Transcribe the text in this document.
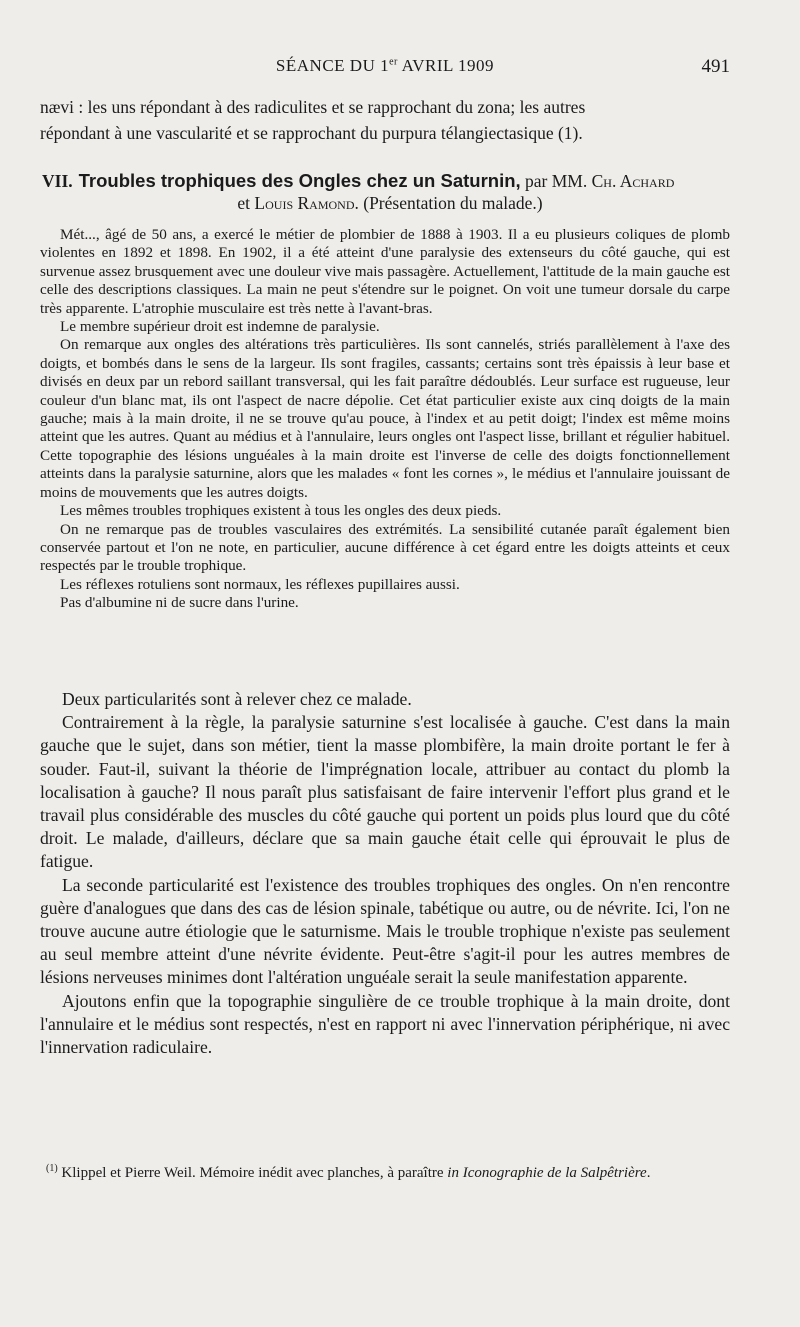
SÉANCE DU 1er AVRIL 1909	491

nævi : les uns répondant à des radiculites et se rapprochant du zona; les autres

répondant à une vascularité et se rapprochant du purpura télangiectasique (1).

VII. Troubles trophiques des Ongles chez un Saturnin, par MM. Ch. Achard
et Louis Ramond. (Présentation du malade.)

Mét..., âgé de 50 ans, a exercé le métier de plombier de 1888 à 1903. Il a eu plusieurs coliques de plomb violentes en 1892 et 1898. En 1902, il a été atteint d'une paralysie des extenseurs du côté gauche, qui est survenue assez brusquement avec une douleur vive mais passagère. Actuellement, l'attitude de la main gauche est celle des descriptions classiques. La main ne peut s'étendre sur le poignet. On voit une tumeur dorsale du carpe très apparente. L'atrophie musculaire est très nette à l'avant-bras.

Le membre supérieur droit est indemne de paralysie.

On remarque aux ongles des altérations très particulières. Ils sont cannelés, striés parallèlement à l'axe des doigts, et bombés dans le sens de la largeur. Ils sont fragiles, cassants; certains sont très épaissis à leur base et divisés en deux par un rebord saillant transversal, qui les fait paraître dédoublés. Leur surface est rugueuse, leur couleur d'un blanc mat, ils ont l'aspect de nacre dépolie. Cet état particulier existe aux cinq doigts de la main gauche; mais à la main droite, il ne se trouve qu'au pouce, à l'index et au petit doigt; l'index est même moins atteint que les autres. Quant au médius et à l'annulaire, leurs ongles ont l'aspect lisse, brillant et régulier habituel. Cette topographie des lésions unguéales à la main droite est l'inverse de celle des doigts fonctionnellement atteints dans la paralysie saturnine, alors que les malades « font les cornes », le médius et l'annulaire jouissant de moins de mouvements que les autres doigts.

Les mêmes troubles trophiques existent à tous les ongles des deux pieds.

On ne remarque pas de troubles vasculaires des extrémités. La sensibilité cutanée paraît également bien conservée partout et l'on ne note, en particulier, aucune différence à cet égard entre les doigts atteints et ceux respectés par le trouble trophique.

Les réflexes rotuliens sont normaux, les réflexes pupillaires aussi.

Pas d'albumine ni de sucre dans l'urine.

Deux particularités sont à relever chez ce malade.

Contrairement à la règle, la paralysie saturnine s'est localisée à gauche. C'est dans la main gauche que le sujet, dans son métier, tient la masse plombifère, la main droite portant le fer à souder. Faut-il, suivant la théorie de l'imprégnation locale, attribuer au contact du plomb la localisation à gauche? Il nous paraît plus satisfaisant de faire intervenir l'effort plus grand et le travail plus considérable des muscles du côté gauche qui portent un poids plus lourd que du côté droit. Le malade, d'ailleurs, déclare que sa main gauche était celle qui éprouvait le plus de fatigue.

La seconde particularité est l'existence des troubles trophiques des ongles. On n'en rencontre guère d'analogues que dans des cas de lésion spinale, tabétique ou autre, ou de névrite. Ici, l'on ne trouve aucune autre étiologie que le saturnisme. Mais le trouble trophique n'existe pas seulement au seul membre atteint d'une névrite évidente. Peut-être s'agit-il pour les autres membres de lésions nerveuses minimes dont l'altération unguéale serait la seule manifestation apparente.

Ajoutons enfin que la topographie singulière de ce trouble trophique à la main droite, dont l'annulaire et le médius sont respectés, n'est en rapport ni avec l'innervation périphérique, ni avec l'innervation radiculaire.

$^{(1)}$ Klippel et Pierre Weil. Mémoire inédit avec planches, à paraître in Iconographie de la Salpêtrière.
